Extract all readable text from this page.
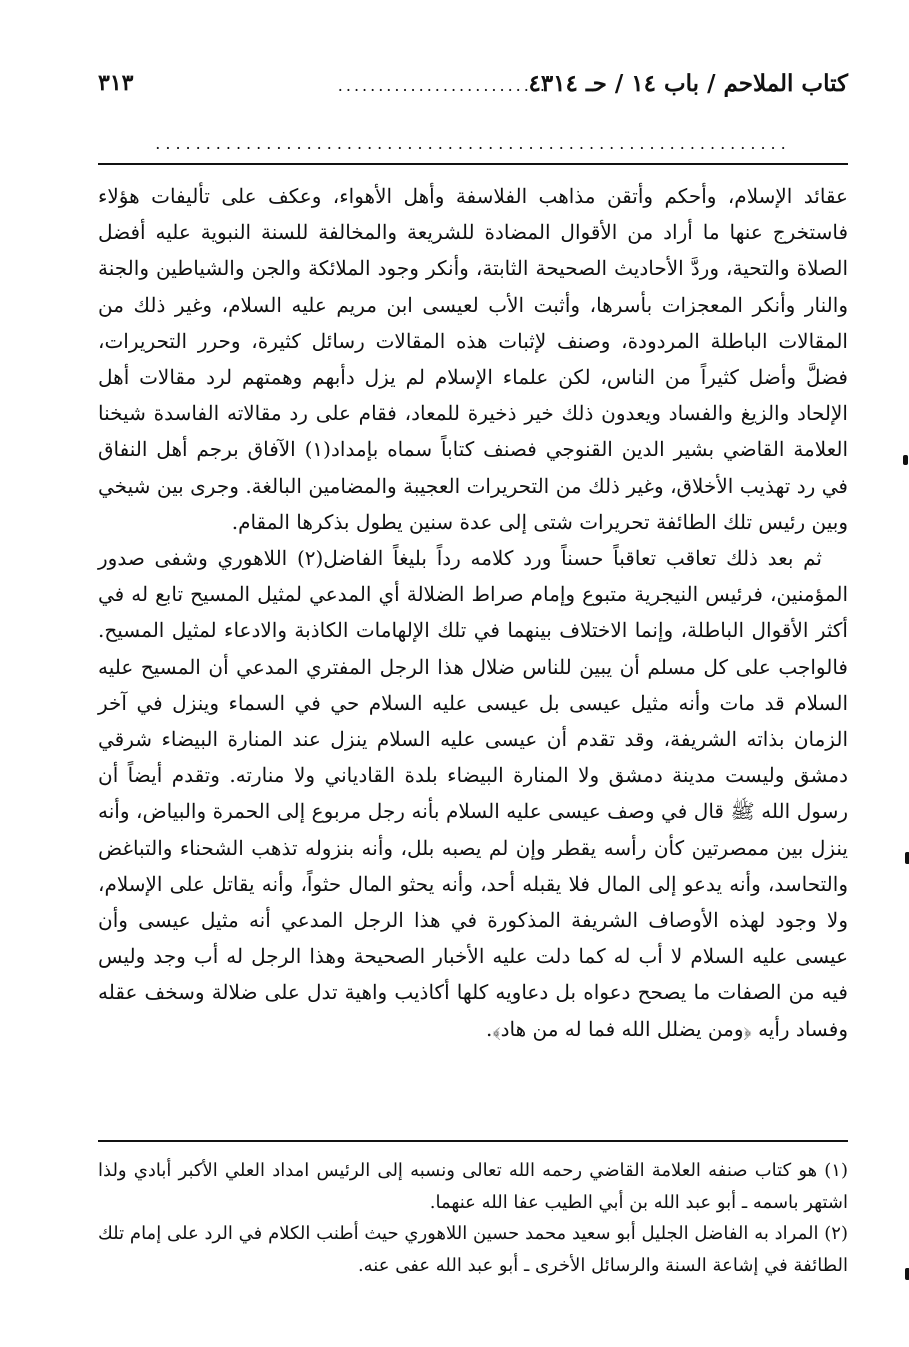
كتاب الملاحم / باب ١٤ / حـ ٤٣١٤
..........................
٣١٣
...............................................................

عقائد الإسلام، وأحكم وأتقن مذاهب الفلاسفة وأهل الأهواء، وعكف على تأليفات هؤلاء فاستخرج عنها ما أراد من الأقوال المضادة للشريعة والمخالفة للسنة النبوية عليه أفضل الصلاة والتحية، وردَّ الأحاديث الصحيحة الثابتة، وأنكر وجود الملائكة والجن والشياطين والجنة والنار وأنكر المعجزات بأسرها، وأثبت الأب لعيسى ابن مريم عليه السلام، وغير ذلك من المقالات الباطلة المردودة، وصنف لإثبات هذه المقالات رسائل كثيرة، وحرر التحريرات، فضلَّ وأضل كثيراً من الناس، لكن علماء الإسلام لم يزل دأبهم وهمتهم لرد مقالات أهل الإلحاد والزيغ والفساد ويعدون ذلك خير ذخيرة للمعاد، فقام على رد مقالاته الفاسدة شيخنا العلامة القاضي بشير الدين القنوجي فصنف كتاباً سماه بإمداد(١) الآفاق برجم أهل النفاق في رد تهذيب الأخلاق، وغير ذلك من التحريرات العجيبة والمضامين البالغة. وجرى بين شيخي وبين رئيس تلك الطائفة تحريرات شتى إلى عدة سنين يطول بذكرها المقام.

ثم بعد ذلك تعاقب تعاقباً حسناً ورد كلامه رداً بليغاً الفاضل(٢) اللاهوري وشفى صدور المؤمنين، فرئيس النيجرية متبوع وإمام صراط الضلالة أي المدعي لمثيل المسيح تابع له في أكثر الأقوال الباطلة، وإنما الاختلاف بينهما في تلك الإلهامات الكاذبة والادعاء لمثيل المسيح. فالواجب على كل مسلم أن يبين للناس ضلال هذا الرجل المفتري المدعي أن المسيح عليه السلام قد مات وأنه مثيل عيسى بل عيسى عليه السلام حي في السماء وينزل في آخر الزمان بذاته الشريفة، وقد تقدم أن عيسى عليه السلام ينزل عند المنارة البيضاء شرقي دمشق وليست مدينة دمشق ولا المنارة البيضاء بلدة القادياني ولا منارته. وتقدم أيضاً أن رسول الله ﷺ قال في وصف عيسى عليه السلام بأنه رجل مربوع إلى الحمرة والبياض، وأنه ينزل بين ممصرتين كأن رأسه يقطر وإن لم يصبه بلل، وأنه بنزوله تذهب الشحناء والتباغض والتحاسد، وأنه يدعو إلى المال فلا يقبله أحد، وأنه يحثو المال حثواً، وأنه يقاتل على الإسلام، ولا وجود لهذه الأوصاف الشريفة المذكورة في هذا الرجل المدعي أنه مثيل عيسى وأن عيسى عليه السلام لا أب له كما دلت عليه الأخبار الصحيحة وهذا الرجل له أب وجد وليس فيه من الصفات ما يصحح دعواه بل دعاويه كلها أكاذيب واهية تدل على ضلالة وسخف عقله وفساد رأيه ﴿ومن يضلل الله فما له من هاد﴾.

(١) هو كتاب صنفه العلامة القاضي رحمه الله تعالى ونسبه إلى الرئيس امداد العلي الأكبر أبادي ولذا اشتهر باسمه ـ أبو عبد الله بن أبي الطيب عفا الله عنهما.

(٢) المراد به الفاضل الجليل أبو سعيد محمد حسين اللاهوري حيث أطنب الكلام في الرد على إمام تلك الطائفة في إشاعة السنة والرسائل الأخرى ـ أبو عبد الله عفى عنه.
